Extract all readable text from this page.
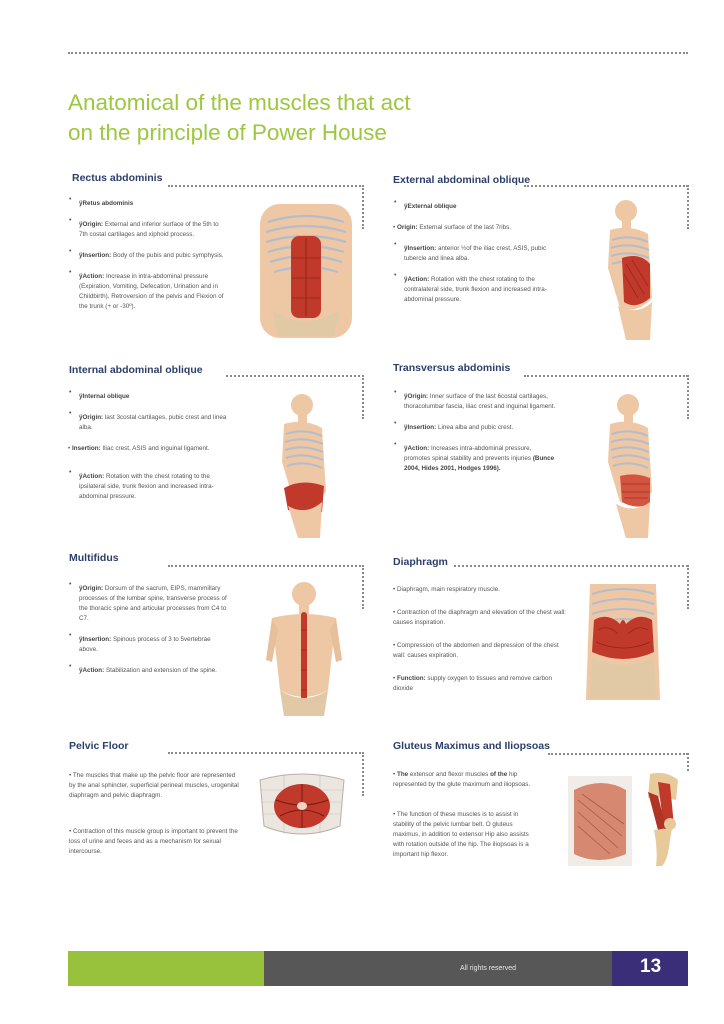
Anatomical of the muscles that act
on the principle of Power House
Rectus abdominis
• ÿRetus abdominis
• ÿOrigin: External and inferior surface of the 5th to 7th costal cartilages and xiphoid process.
• ÿInsertion: Body of the pubis and pubic symphysis.
• ÿAction: Increase in intra-abdominal pressure (Expiration, Vomiting, Defecation, Urination and in Childbirth), Retroversion of the pelvis and Flexion of the trunk (+ or -30º).
External abdominal oblique
• ÿExternal oblique
• Origin: External surface of the last 7ribs.
• ÿInsertion: anterior ½of the iliac crest, ASIS, pubic tubercle and linea alba.
• ÿAction: Rotation with the chest rotating to the contralateral side, trunk flexion and increased intra-abdominal pressure.
Internal abdominal oblique
• ÿInternal oblique
• ÿOrigin: last 3costal cartilages, pubic crest and linea alba.
• Insertion: Iliac crest, ASIS and inguinal ligament.
• ÿAction: Rotation with the chest rotating to the ipsilateral side, trunk flexion and increased intra-abdominal pressure.
Transversus abdominis
• ÿOrigin: Inner surface of the last 6costal cartilages, thoracolumbar fascia, iliac crest and inguinal ligament.
• ÿInsertion: Linea alba and pubic crest.
• ÿAction: Increases intra-abdominal pressure, promotes spinal stability and prevents injuries (Bunce 2004, Hides 2001, Hodges 1996).
Multifidus
• ÿOrigin: Dorsum of the sacrum, EIPS, mammillary processes of the lumbar spine, transverse process of the thoracic spine and articular processes from C4 to C7.
• ÿInsertion: Spinous process of 3 to 5vertebrae above.
• ÿAction: Stabilization and extension of the spine.
Diaphragm
• Diaphragm, main respiratory muscle.
• Contraction of the diaphragm and elevation of the chest wall: causes inspiration.
• Compression of the abdomen and depression of the chest wall: causes expiration.
• Function: supply oxygen to tissues and remove carbon dioxide
Pelvic Floor
• The muscles that make up the pelvic floor are represented by the anal sphincter, superficial perineal muscles, urogenital diaphragm and pelvic diaphragm.
• Contraction of this muscle group is important to prevent the loss of urine and feces and as a mechanism for sexual intercourse.
Gluteus Maximus and Iliopsoas
• The extensor and flexor muscles of the hip represented by the glute maximum and iliopsoas.
• The function of these muscles is to assist in stability of the pelvic lumbar belt. O gluteus maximus, in addition to extensor Hip also assists with rotation outside of the hip. The iliopsoas is a important hip flexor.
All rights reserved	13
